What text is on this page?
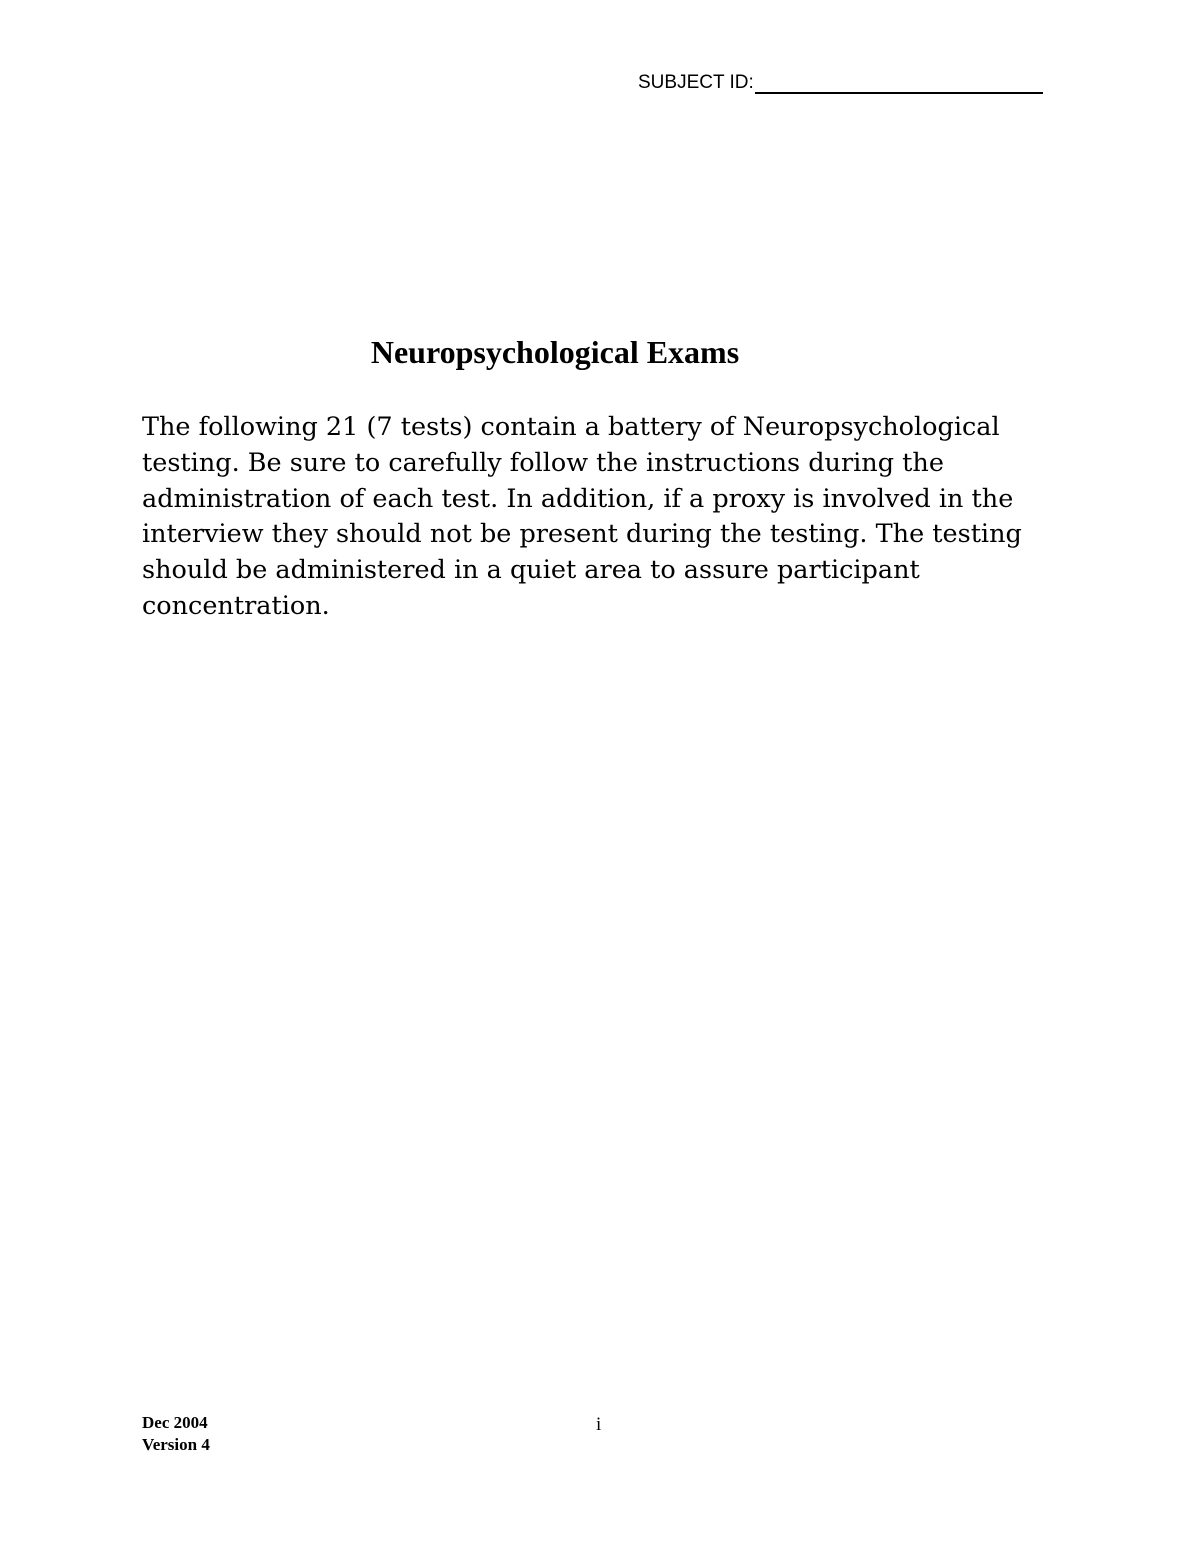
SUBJECT ID:
Neuropsychological Exams

The following 21 (7 tests) contain a battery of Neuropsychological testing. Be sure to carefully follow the instructions during the administration of each test. In addition, if a proxy is involved in the interview they should not be present during the testing. The testing should be administered in a quiet area to assure participant concentration.

Dec 2004
Version 4
i
